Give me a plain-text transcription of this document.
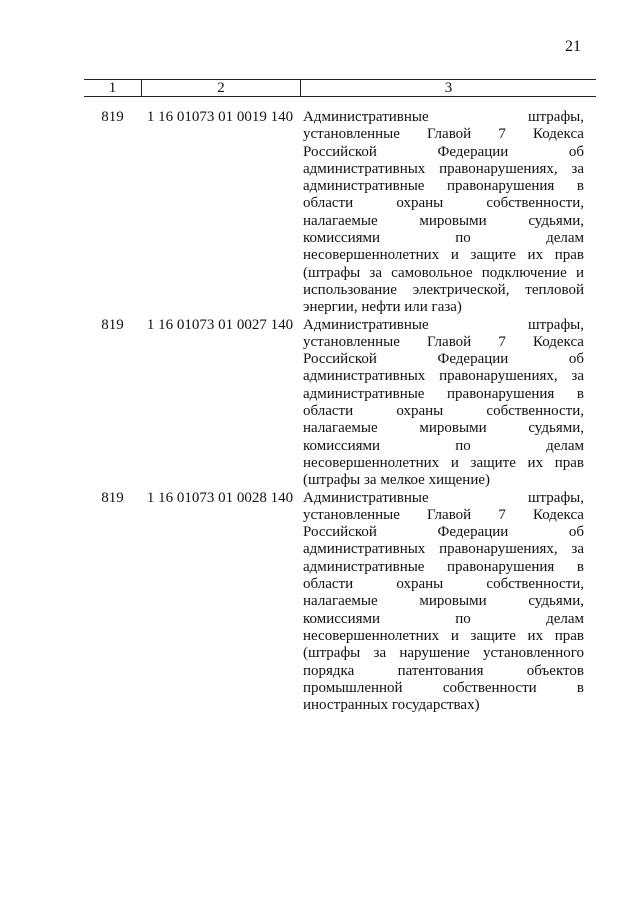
21
1	2	3
819	1 16 01073 01 0019 140 Административные	штрафы,
установленные Главой 7 Кодекса
Российской	Федерации	об
административных правонарушениях, за
административные правонарушения в
области	охраны	собственности,
налагаемые	мировыми	судьями,
комиссиями	по	делам
несовершеннолетних и защите их прав
(штрафы за самовольное подключение и
использование электрической, тепловой
энергии, нефти или газа)
819	1 16 01073 01 0027 140 Административные	штрафы,
установленные Главой 7 Кодекса
Российской	Федерации	об
административных правонарушениях, за
административные правонарушения в
области	охраны	собственности,
налагаемые	мировыми	судьями,
комиссиями	по	делам
несовершеннолетних и защите их прав
(штрафы за мелкое хищение)
819	1 16 01073 01 0028 140 Административные	штрафы,
установленные Главой 7 Кодекса
Российской	Федерации	об
административных правонарушениях, за
административные правонарушения в
области	охраны	собственности,
налагаемые	мировыми	судьями,
комиссиями	по	делам
несовершеннолетних и защите их прав
(штрафы за нарушение установленного
порядка	патентования	объектов
промышленной	собственности	в
иностранных государствах)
